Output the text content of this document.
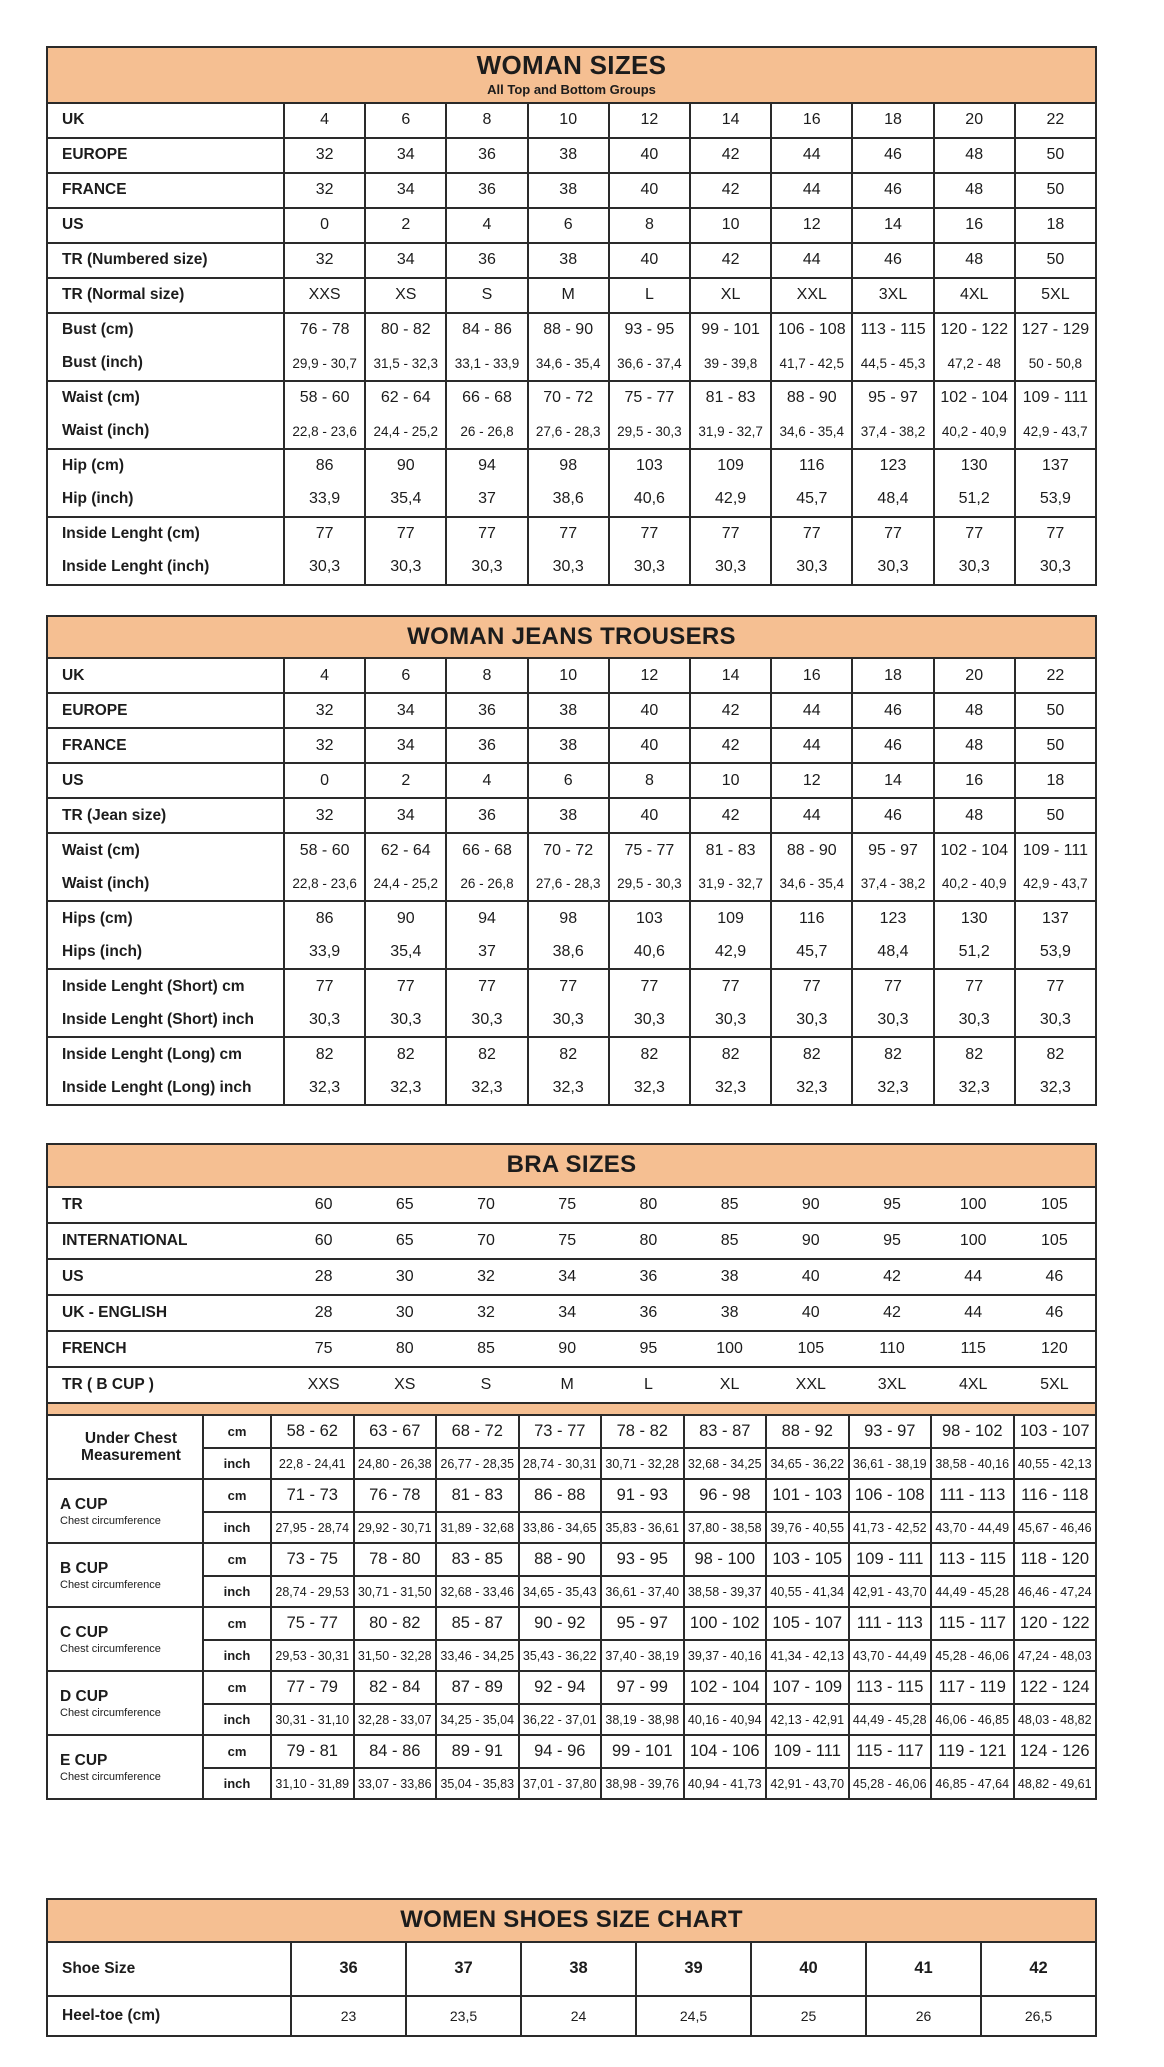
WOMAN SIZES
All Top and Bottom Groups
UK	4	6	8	10	12	14	16	18	20	22
EUROPE	32	34	36	38	40	42	44	46	48	50
FRANCE	32	34	36	38	40	42	44	46	48	50
US	0	2	4	6	8	10	12	14	16	18
TR (Numbered size)	32	34	36	38	40	42	44	46	48	50
TR (Normal size)	XXS	XS	S	M	L	XL	XXL	3XL	4XL	5XL
Bust (cm)	76 - 78	80 - 82	84 - 86	88 - 90	93 - 95	99 - 101	106 - 108 113 - 115 120 - 122 127 - 129
Bust (inch)	29,9 - 30,7	31,5 - 32,3	33,1 - 33,9	34,6 - 35,4	36,6 - 37,4	39 - 39,8	41,7 - 42,5	44,5 - 45,3	47,2 - 48	50 - 50,8
Waist (cm)	58 - 60	62 - 64	66 - 68	70 - 72	75 - 77	81 - 83	88 - 90	95 - 97	102 - 104 109 - 111
Waist (inch)	22,8 - 23,6	24,4 - 25,2	26 - 26,8	27,6 - 28,3	29,5 - 30,3	31,9 - 32,7	34,6 - 35,4	37,4 - 38,2	40,2 - 40,9	42,9 - 43,7
Hip (cm)	86	90	94	98	103	109	116	123	130	137
Hip (inch)	33,9	35,4	37	38,6	40,6	42,9	45,7	48,4	51,2	53,9
Inside Lenght (cm)	77	77	77	77	77	77	77	77	77	77
Inside Lenght (inch)	30,3	30,3	30,3	30,3	30,3	30,3	30,3	30,3	30,3	30,3
WOMAN JEANS TROUSERS
UK	4	6	8	10	12	14	16	18	20	22
EUROPE	32	34	36	38	40	42	44	46	48	50
FRANCE	32	34	36	38	40	42	44	46	48	50
US	0	2	4	6	8	10	12	14	16	18
TR (Jean size)	32	34	36	38	40	42	44	46	48	50
Waist (cm)	58 - 60	62 - 64	66 - 68	70 - 72	75 - 77	81 - 83	88 - 90	95 - 97	102 - 104 109 - 111
Waist (inch)	22,8 - 23,6	24,4 - 25,2	26 - 26,8	27,6 - 28,3	29,5 - 30,3	31,9 - 32,7	34,6 - 35,4	37,4 - 38,2	40,2 - 40,9	42,9 - 43,7
Hips (cm)	86	90	94	98	103	109	116	123	130	137
Hips (inch)	33,9	35,4	37	38,6	40,6	42,9	45,7	48,4	51,2	53,9
Inside Lenght (Short) cm	77	77	77	77	77	77	77	77	77	77
Inside Lenght (Short) inch	30,3	30,3	30,3	30,3	30,3	30,3	30,3	30,3	30,3	30,3
Inside Lenght (Long) cm	82	82	82	82	82	82	82	82	82	82
Inside Lenght (Long) inch	32,3	32,3	32,3	32,3	32,3	32,3	32,3	32,3	32,3	32,3
BRA SIZES
TR	60	65	70	75	80	85	90	95	100	105
INTERNATIONAL	60	65	70	75	80	85	90	95	100	105
US	28	30	32	34	36	38	40	42	44	46
UK - ENGLISH	28	30	32	34	36	38	40	42	44	46
FRENCH	75	80	85	90	95	100	105	110	115	120
TR ( B CUP )	XXS	XS	S	M	L	XL	XXL	3XL	4XL	5XL
Under Chest Measurement
cm	58 - 62	63 - 67	68 - 72	73 - 77	78 - 82	83 - 87	88 - 92	93 - 97	98 - 102	103 - 107
inch	22,8 - 24,41 24,80 - 26,38 26,77 - 28,35 28,74 - 30,31 30,71 - 32,28 32,68 - 34,25 34,65 - 36,22 36,61 - 38,19 38,58 - 40,16 40,55 - 42,13
A CUP
Chest circumference
cm	71 - 73	76 - 78	81 - 83	86 - 88	91 - 93	96 - 98	101 - 103 106 - 108 111 - 113 116 - 118
inch	27,95 - 28,74 29,92 - 30,71 31,89 - 32,68 33,86 - 34,65 35,83 - 36,61 37,80 - 38,58 39,76 - 40,55 41,73 - 42,52 43,70 - 44,49 45,67 - 46,46
B CUP
Chest circumference
cm	73 - 75	78 - 80	83 - 85	88 - 90	93 - 95	98 - 100	103 - 105 109 - 111 113 - 115 118 - 120
inch	28,74 - 29,53 30,71 - 31,50 32,68 - 33,46 34,65 - 35,43 36,61 - 37,40 38,58 - 39,37 40,55 - 41,34 42,91 - 43,70 44,49 - 45,28 46,46 - 47,24
C CUP
Chest circumference
cm	75 - 77	80 - 82	85 - 87	90 - 92	95 - 97	100 - 102 105 - 107 111 - 113 115 - 117 120 - 122
inch	29,53 - 30,31 31,50 - 32,28 33,46 - 34,25 35,43 - 36,22 37,40 - 38,19 39,37 - 40,16 41,34 - 42,13 43,70 - 44,49 45,28 - 46,06 47,24 - 48,03
D CUP
Chest circumference
cm	77 - 79	82 - 84	87 - 89	92 - 94	97 - 99	102 - 104 107 - 109 113 - 115 117 - 119 122 - 124
inch	30,31 - 31,10 32,28 - 33,07 34,25 - 35,04 36,22 - 37,01 38,19 - 38,98 40,16 - 40,94 42,13 - 42,91 44,49 - 45,28 46,06 - 46,85 48,03 - 48,82
E CUP
Chest circumference
cm	79 - 81	84 - 86	89 - 91	94 - 96	99 - 101	104 - 106 109 - 111 115 - 117 119 - 121 124 - 126
inch	31,10 - 31,89 33,07 - 33,86 35,04 - 35,83 37,01 - 37,80 38,98 - 39,76 40,94 - 41,73 42,91 - 43,70 45,28 - 46,06 46,85 - 47,64 48,82 - 49,61
WOMEN SHOES SIZE CHART
Shoe Size	36	37	38	39	40	41	42
Heel-toe (cm)	23	23,5	24	24,5	25	26	26,5
